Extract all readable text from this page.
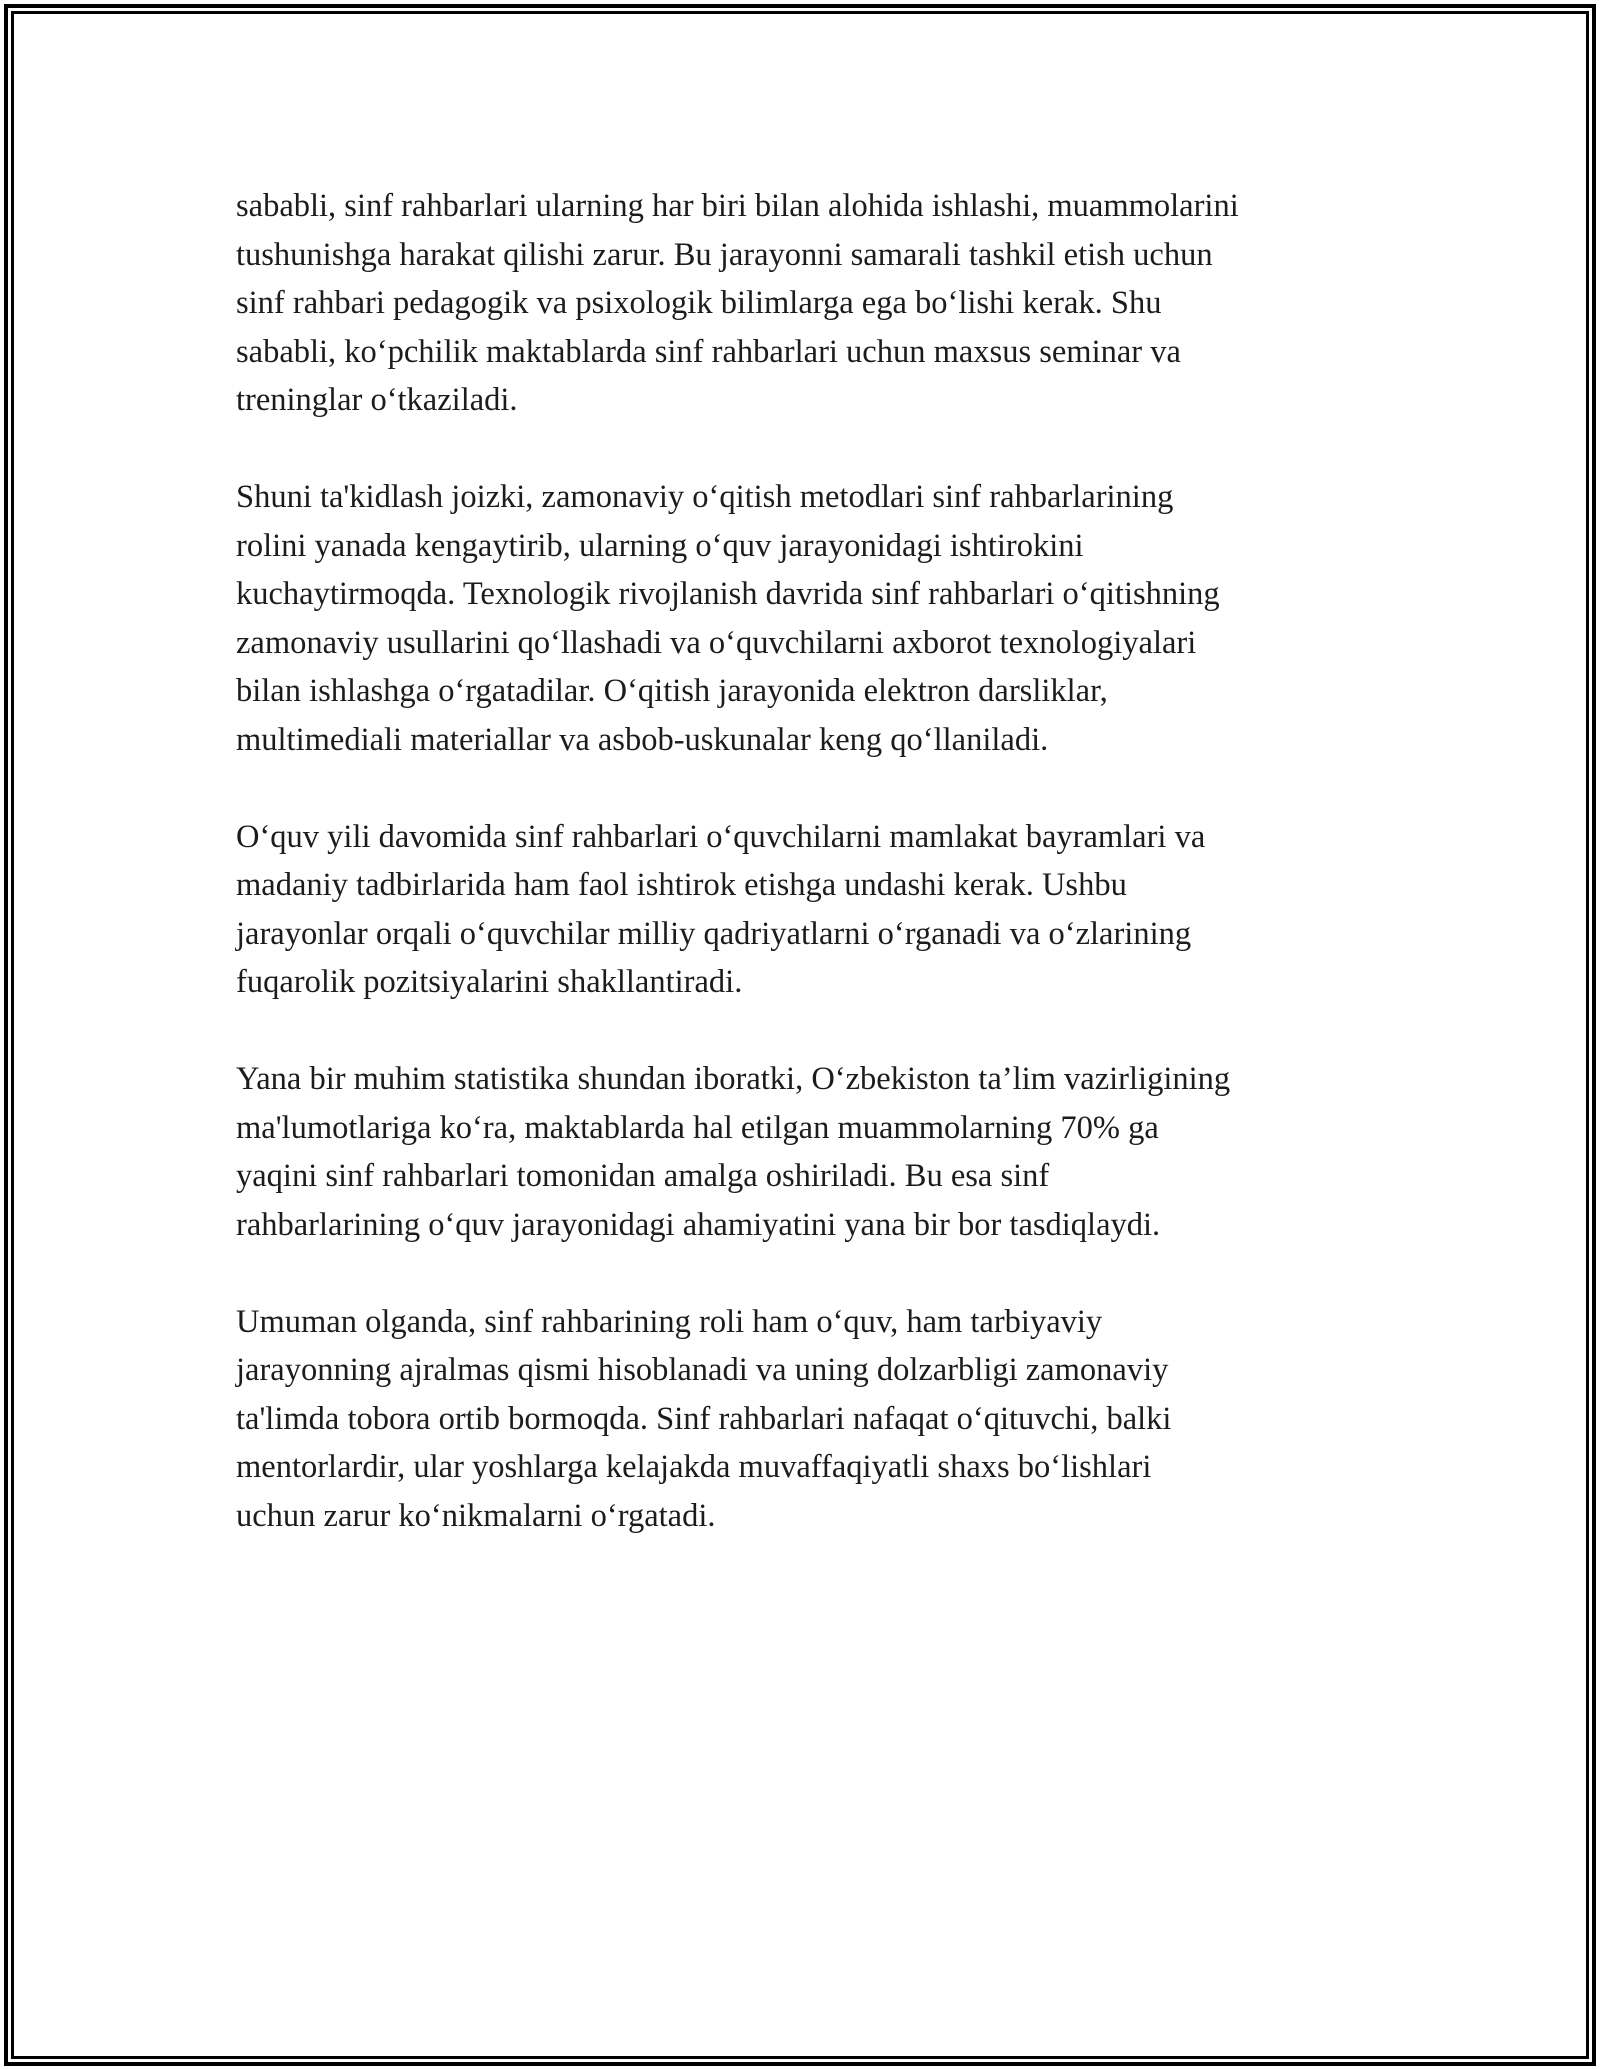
sababli, sinf rahbarlari ularning har biri bilan alohida ishlashi, muammolarini
tushunishga harakat qilishi zarur. Bu jarayonni samarali tashkil etish uchun
sinf rahbari pedagogik va psixologik bilimlarga ega boʻlishi kerak. Shu
sababli, koʻpchilik maktablarda sinf rahbarlari uchun maxsus seminar va
treninglar oʻtkaziladi.

Shuni ta'kidlash joizki, zamonaviy oʻqitish metodlari sinf rahbarlarining
rolini yanada kengaytirib, ularning oʻquv jarayonidagi ishtirokini
kuchaytirmoqda. Texnologik rivojlanish davrida sinf rahbarlari oʻqitishning
zamonaviy usullarini qoʻllashadi va oʻquvchilarni axborot texnologiyalari
bilan ishlashga oʻrgatadilar. Oʻqitish jarayonida elektron darsliklar,
multimediali materiallar va asbob-uskunalar keng qoʻllaniladi.

Oʻquv yili davomida sinf rahbarlari oʻquvchilarni mamlakat bayramlari va
madaniy tadbirlarida ham faol ishtirok etishga undashi kerak. Ushbu
jarayonlar orqali oʻquvchilar milliy qadriyatlarni oʻrganadi va oʻzlarining
fuqarolik pozitsiyalarini shakllantiradi.

Yana bir muhim statistika shundan iboratki, Oʻzbekiston ta’lim vazirligining
ma'lumotlariga koʻra, maktablarda hal etilgan muammolarning 70% ga
yaqini sinf rahbarlari tomonidan amalga oshiriladi. Bu esa sinf
rahbarlarining oʻquv jarayonidagi ahamiyatini yana bir bor tasdiqlaydi.

Umuman olganda, sinf rahbarining roli ham oʻquv, ham tarbiyaviy
jarayonning ajralmas qismi hisoblanadi va uning dolzarbligi zamonaviy
ta'limda tobora ortib bormoqda. Sinf rahbarlari nafaqat oʻqituvchi, balki
mentorlardir, ular yoshlarga kelajakda muvaffaqiyatli shaxs boʻlishlari
uchun zarur koʻnikmalarni oʻrgatadi.
